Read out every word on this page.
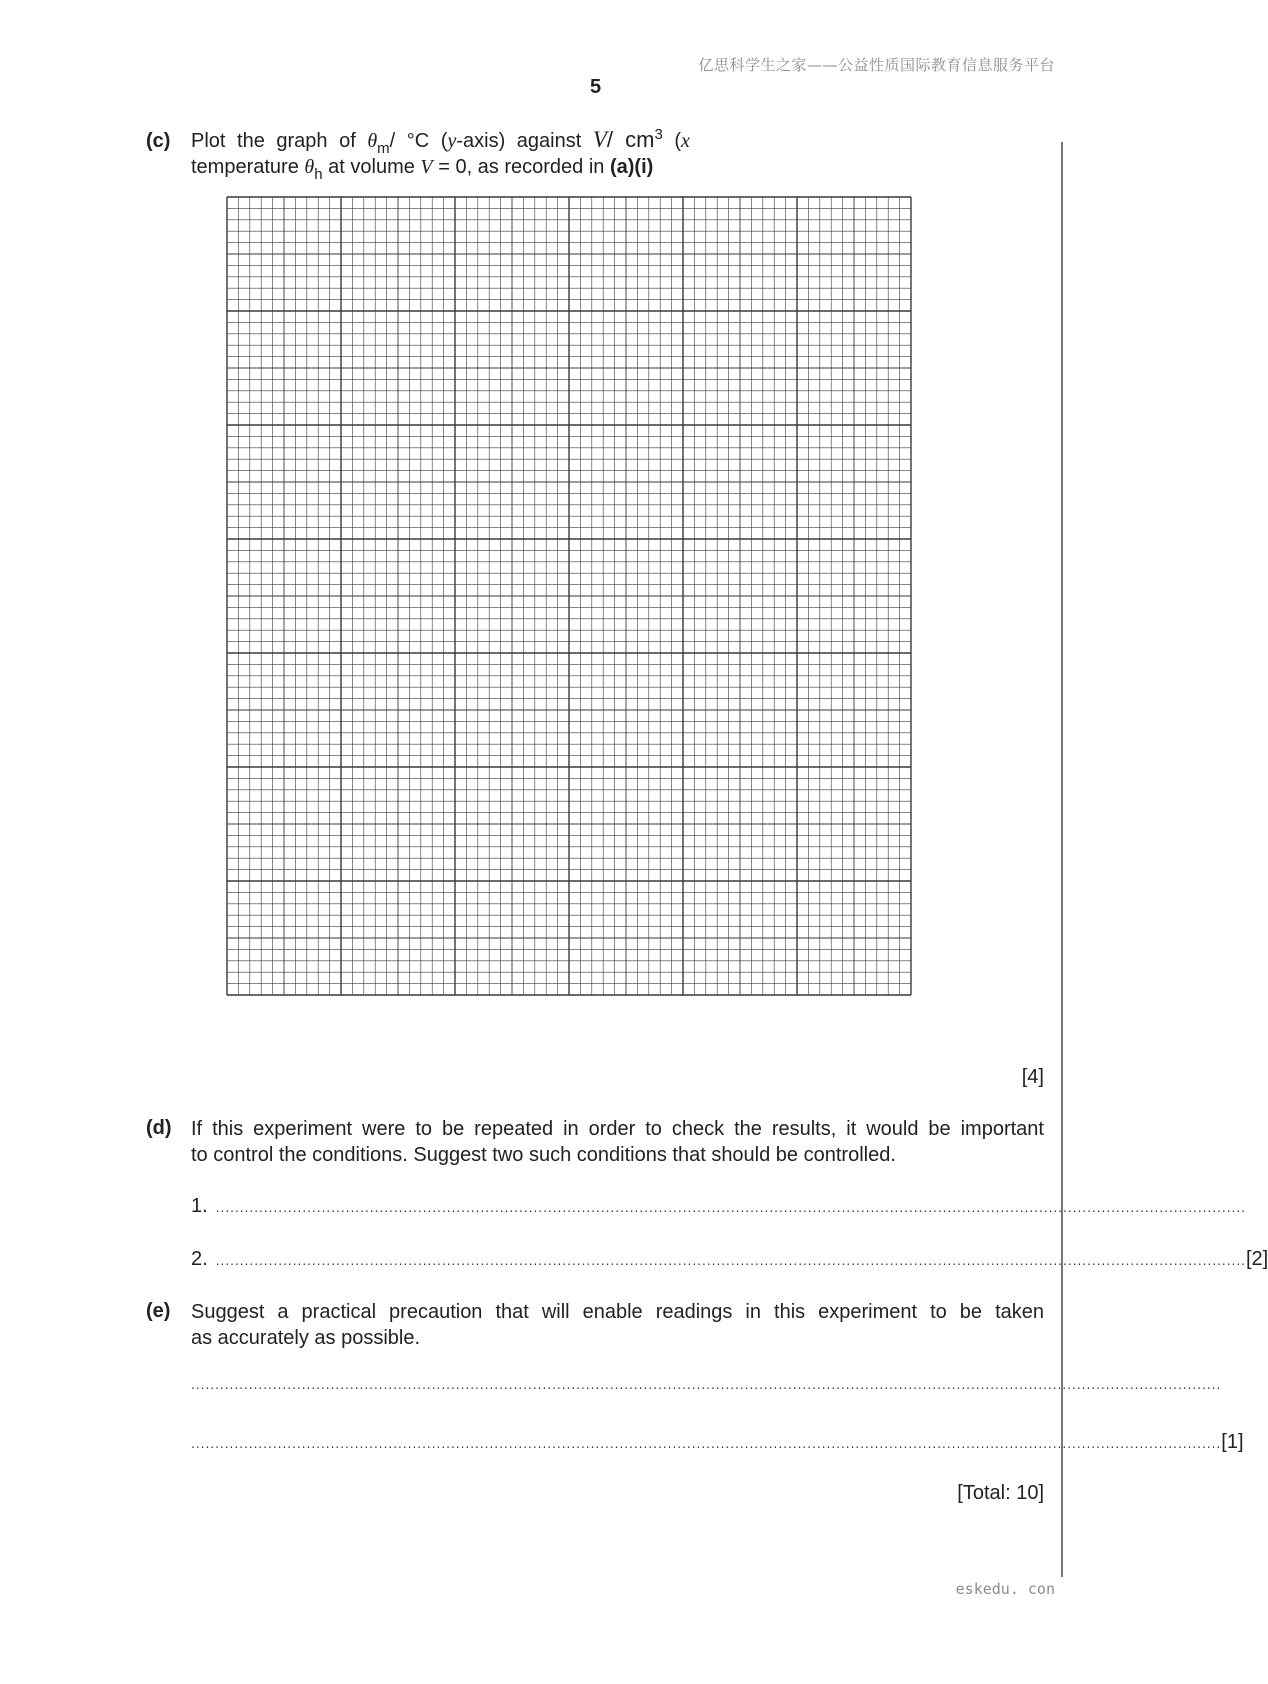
亿思科学生之家——公益性质国际教育信息服务平台
5
(c) Plot the graph of $\theta_m/$ °C (y-axis) against V/ $cm^3$ (x
temperature $\theta_h$ at volume V = 0, as recorded in (a)(i)
[4]
(d) If this experiment were to be repeated in order to check the results, it would be important
to control the conditions. Suggest two such conditions that should be controlled.
1. ......................................................................................................................................................................................................................
2. ...................................................................................................................................................................................................................... [2]
(e) Suggest a practical precaution that will enable readings in this experiment to be taken
as accurately as possible.
......................................................................................................................................................................................................................
...................................................................................................................................................................................................................... [1]
[Total: 10]
eskedu. con
